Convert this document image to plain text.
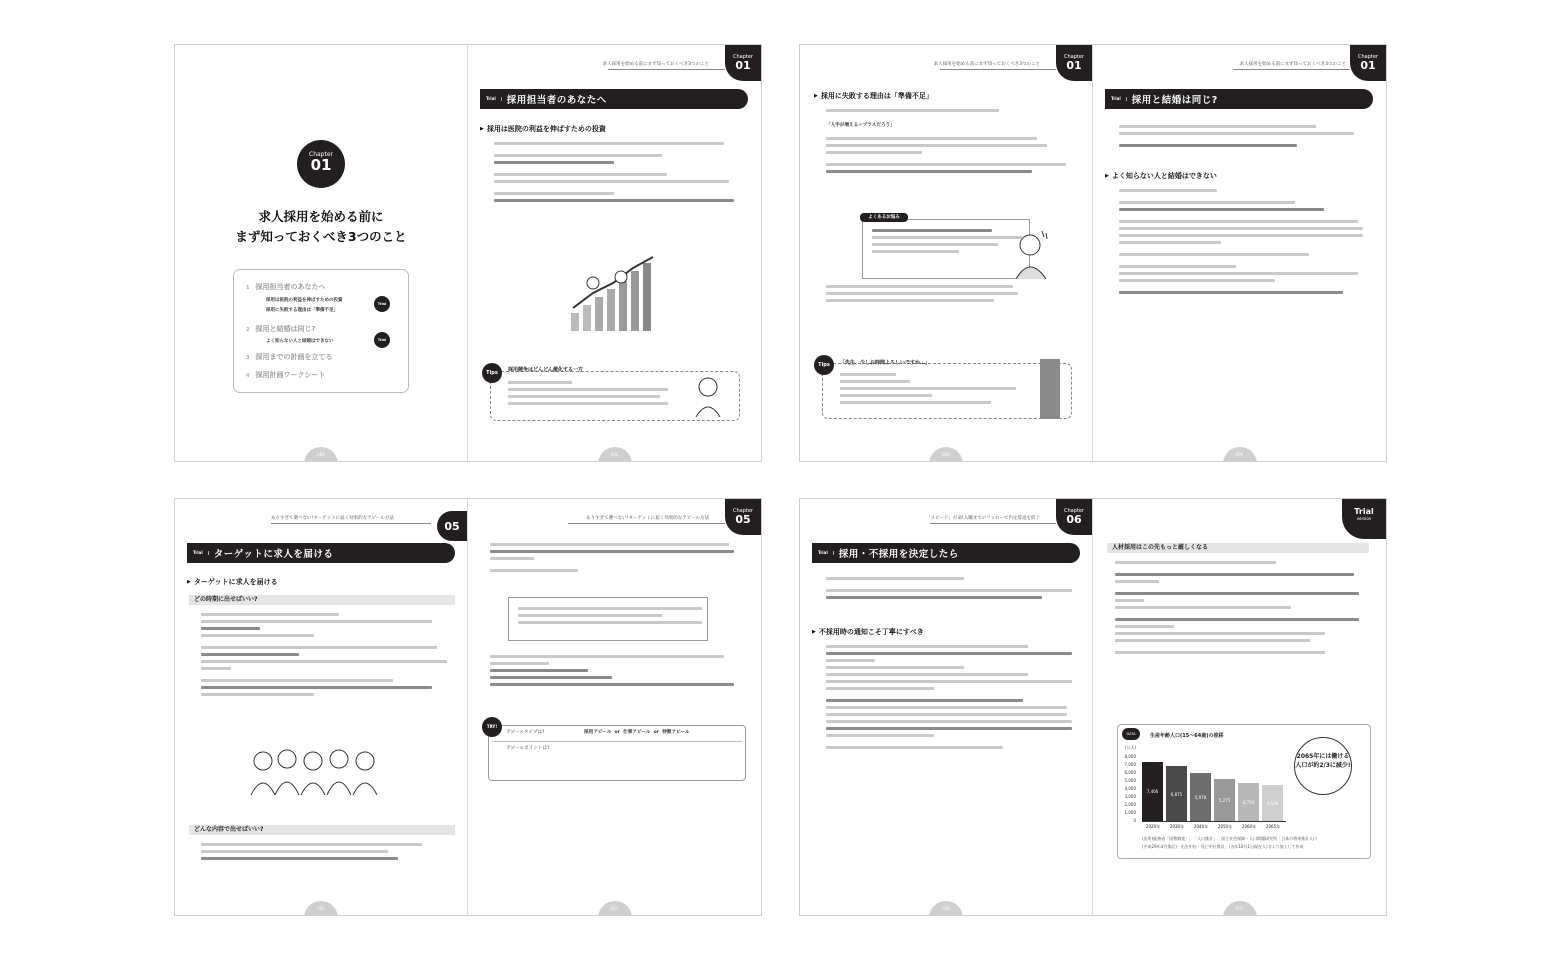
Chapter
01
求人採用を始める前に
まず知っておくべき3つのこと
1 採用担当者のあなたへ
採用は医院の利益を伸ばすための投資
採用に失敗する理由は「準備不足」
Trial
2 採用と結婚は同じ?
よく知らない人と結婚はできない	Trial
3 採用までの計画を立てる
4 採用計画ワークシート
002
求人採用を始める前にまず知っておくべき3つのこと
Chapter
01
Trial	採用担当者のあなたへ
▶ 採用は医院の利益を伸ばすための投資
Tips	採用競争はどんどん激化する一方
003
求人採用を始める前にまず知っておくべき3つのこと
Chapter
01
▶ 採用に失敗する理由は「準備不足」
「人手が増える＝プラスだろう」
よくあるお悩み
Tips	「先生、少しお時間よろしいですか…」
004
求人採用を始める前にまず知っておくべき3つのこと
Chapter
01
Trial	採用と結婚は同じ?
▶ よく知らない人と結婚はできない
005
ありすぎて選べない!ターゲットに届く効果的なアピール方法
05
Trial	ターゲットに求人を届ける
▶ ターゲットに求人を届ける
どの時期に出せばいい?
どんな内容で出せばいい?
022
ありすぎて選べない!ターゲットに届く効果的なアピール方法
Chapter
05
TRY!
アピールタイプは?	採用アピール  or  仕事アピール  or  特徴アピール
アピールポイントは?
023
「スピード」が命!入職までのフォローで内定辞退を防ぐ
Chapter
06
Trial	採用・不採用を決定したら
▶ 不採用時の通知こそ丁寧にすべき
030
Trial
version
人材採用はこの先もっと厳しくなる
DATA	生産年齢人口(15〜64歳)の推移
(万人)
2065年には働ける人口が約2/3に減少!
(出所)総務省「国勢調査」、「人口推計」、国立社会保障・人口問題研究所「日本の将来推計人口
(平成29年4月推計)」出生中位・死亡中位推計」(各年10月1日現在人口)より加工して作成
8,000
7,000
6,000
5,000
4,000
3,000
2,000
1,000
0
7,406
2020年
6,875
2030年
5,978
2040年
5,275
2050年
4,793
2060年
4,529
2065年
031
